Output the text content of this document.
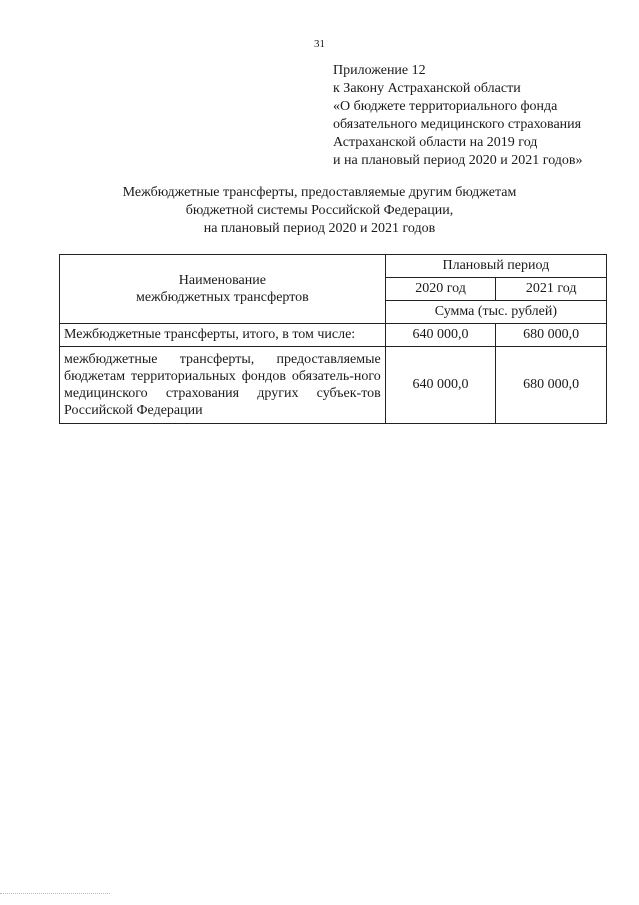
31
Приложение 12
к Закону Астраханской области
«О бюджете территориального фонда
обязательного медицинского страхования
Астраханской области на 2019 год
и на плановый период 2020 и 2021 годов»
Межбюджетные трансферты, предоставляемые другим бюджетам
бюджетной системы Российской Федерации,
на плановый период 2020 и 2021 годов
Наименование
межбюджетных трансфертов	Плановый период	
	2020 год	2021 год
	Сумма (тыс. рублей)	
Межбюджетные трансферты, итого, в том числе:	640 000,0	680 000,0
межбюджетные трансферты, предоставляемые бюджетам территориальных фондов обязатель-ного медицинского страхования других субъек-тов Российской Федерации	640 000,0	680 000,0
